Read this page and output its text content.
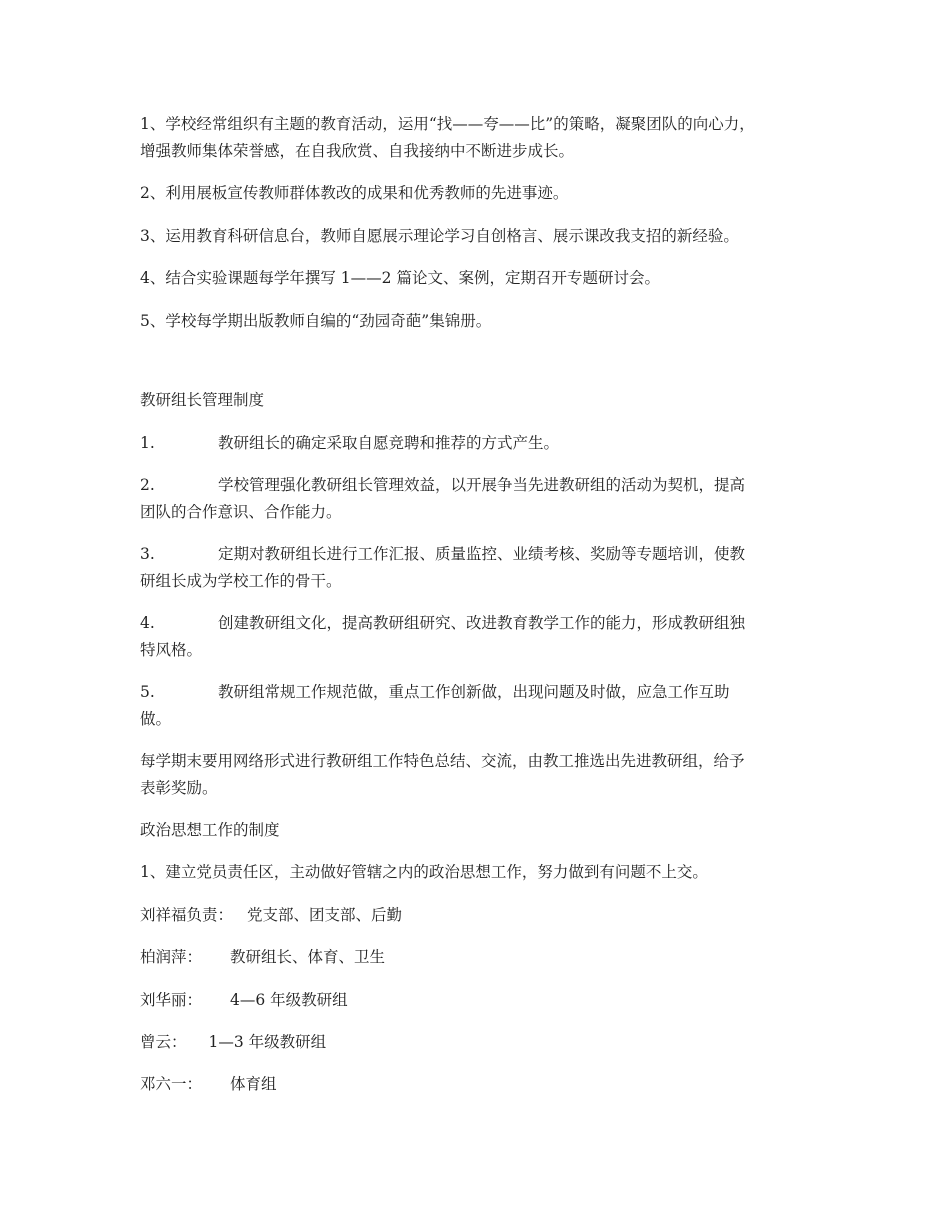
1、学校经常组织有主题的教育活动，运用“找——夸——比”的策略，凝聚团队的向心力，
增强教师集体荣誉感，在自我欣赏、自我接纳中不断进步成长。
2、利用展板宣传教师群体教改的成果和优秀教师的先进事迹。
3、运用教育科研信息台，教师自愿展示理论学习自创格言、展示课改我支招的新经验。
4、结合实验课题每学年撰写 1——2 篇论文、案例，定期召开专题研讨会。
5、学校每学期出版教师自编的“劲园奇葩”集锦册。
教研组长管理制度
1.	教研组长的确定采取自愿竞聘和推荐的方式产生。
2.	学校管理强化教研组长管理效益，以开展争当先进教研组的活动为契机，提高
团队的合作意识、合作能力。
3.	定期对教研组长进行工作汇报、质量监控、业绩考核、奖励等专题培训，使教
研组长成为学校工作的骨干。
4.	创建教研组文化，提高教研组研究、改进教育教学工作的能力，形成教研组独
特风格。
5.	教研组常规工作规范做，重点工作创新做，出现问题及时做，应急工作互助
做。
每学期末要用网络形式进行教研组工作特色总结、交流，由教工推选出先进教研组，给予
表彰奖励。
政治思想工作的制度
1、建立党员责任区，主动做好管辖之内的政治思想工作，努力做到有问题不上交。
刘祥福负责： 党支部、团支部、后勤
柏润萍： 教研组长、体育、卫生
刘华丽： 4—6 年级教研组
曾云： 1—3 年级教研组
邓六一： 体育组
